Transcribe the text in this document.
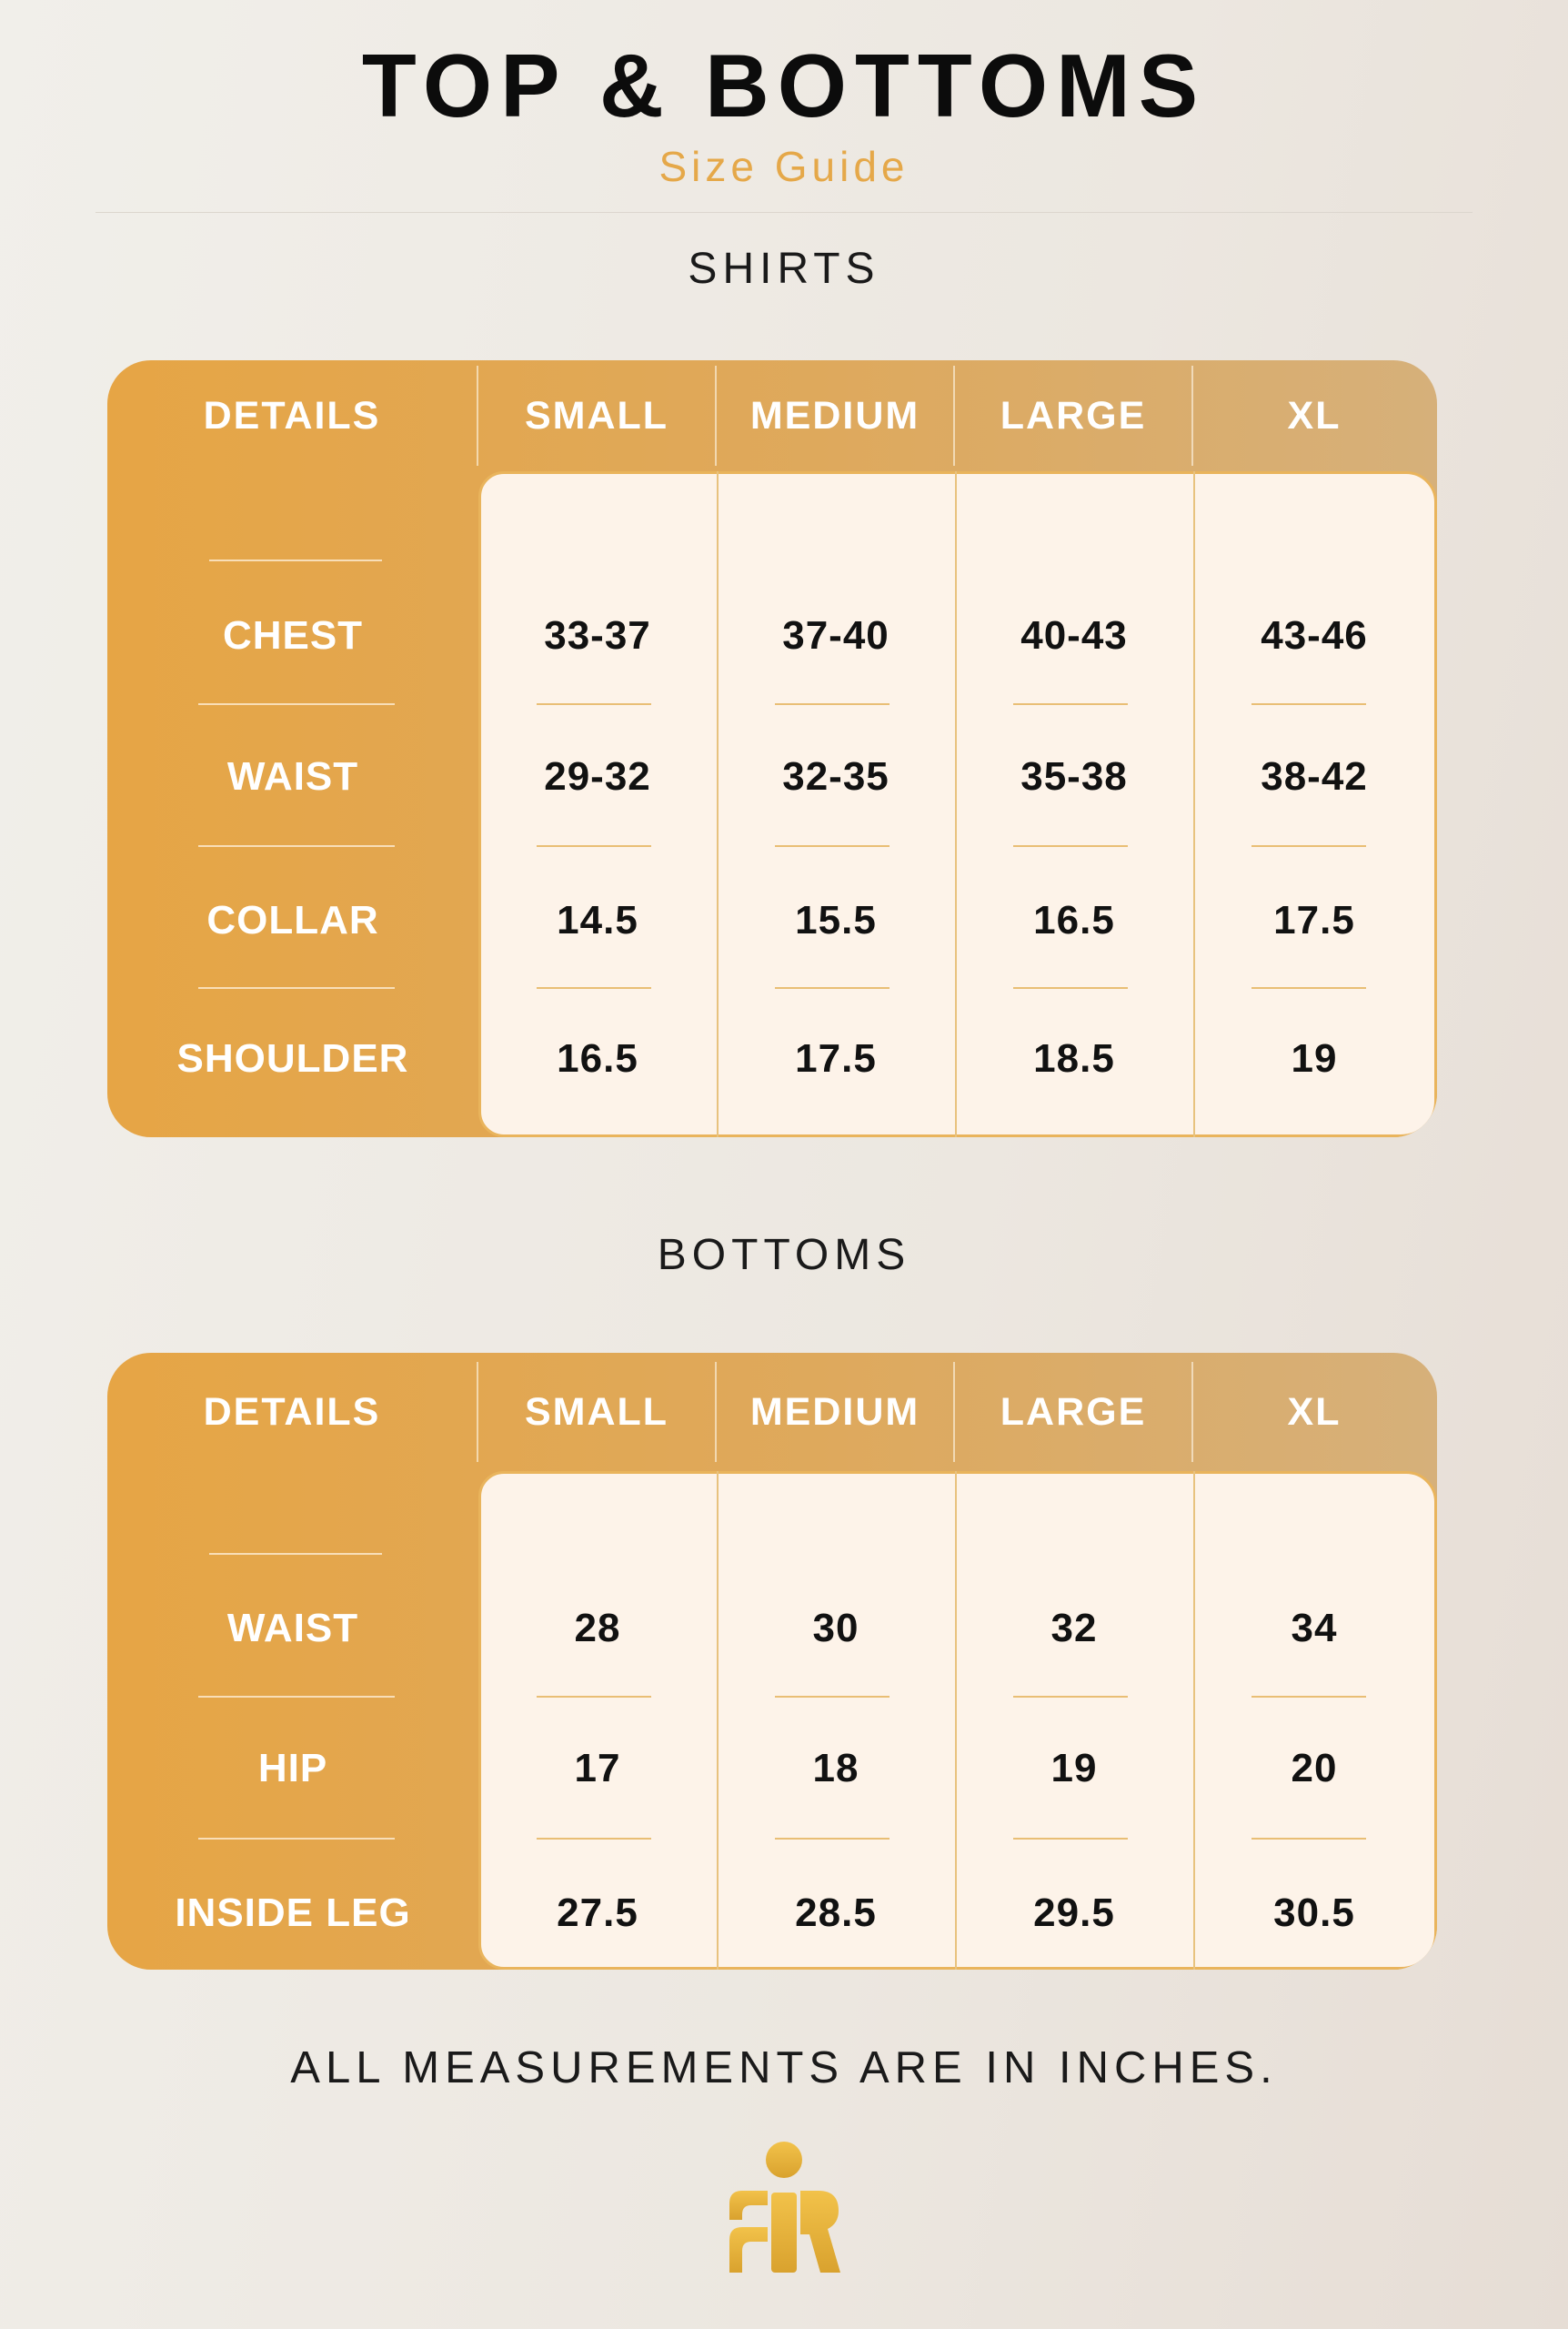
TOP & BOTTOMS
Size Guide
SHIRTS
DETAILS	SMALL	MEDIUM	LARGE	XL
CHEST	33-37	37-40	40-43	43-46
WAIST	29-32	32-35	35-38	38-42
COLLAR	14.5	15.5	16.5	17.5
SHOULDER	16.5	17.5	18.5	19
BOTTOMS
DETAILS	SMALL	MEDIUM	LARGE	XL
WAIST	28	30	32	34
HIP	17	18	19	20
INSIDE LEG	27.5	28.5	29.5	30.5
ALL MEASUREMENTS ARE IN INCHES.
